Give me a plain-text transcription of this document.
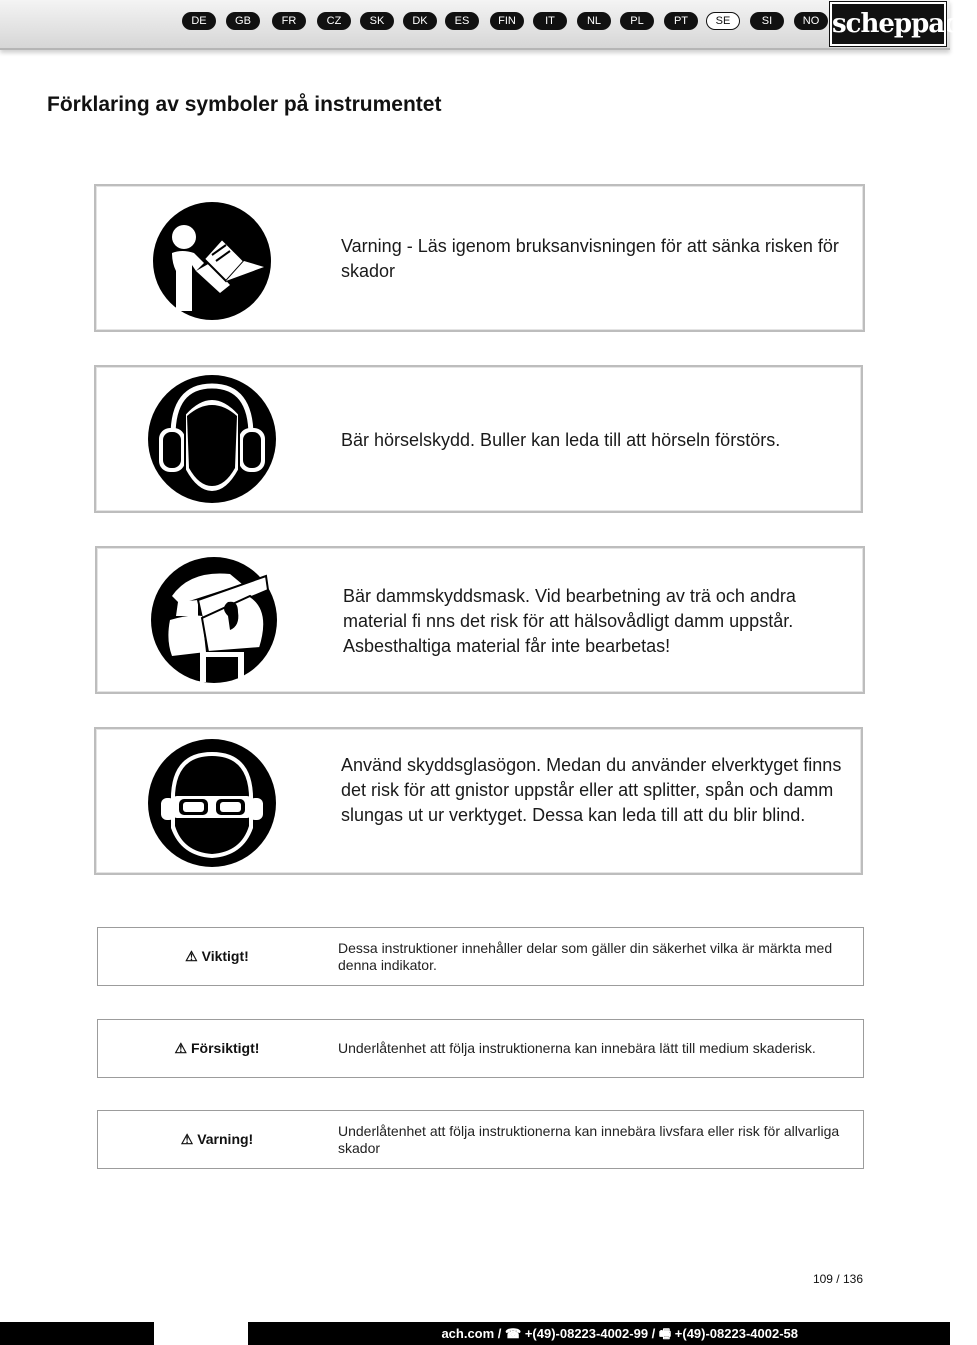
DE	GB	FR	CZ	SK	DK	ES	FIN	IT	NL	PL	PT	SE	SI	NO scheppach
Förklaring av symboler på instrumentet
Varning - Läs igenom bruksanvisningen för att sänka risken för skador
Bär hörselskydd. Buller kan leda till att hörseln förstörs.
Bär dammskyddsmask. Vid bearbetning av trä och andra material fi nns det risk för att hälsovådligt damm uppstår. Asbesthaltiga material får inte bearbetas!
Använd skyddsglasögon. Medan du använder elverktyget finns det risk för att gnistor uppstår eller att splitter, spån och damm slungas ut ur verktyget. Dessa kan leda till att du blir blind.
⚠ Viktigt!	Dessa instruktioner innehåller delar som gäller din säkerhet vilka är märkta med denna indikator.
⚠ Försiktigt!	Underlåtenhet att följa instruktionerna kan innebära lätt till medium skaderisk.
⚠ Varning!	Underlåtenhet att följa instruktionerna kan innebära livsfara eller risk för allvarliga skador
109 / 136
ach.com / ☎ +(49)-08223-4002-99 / 🖷 +(49)-08223-4002-58
